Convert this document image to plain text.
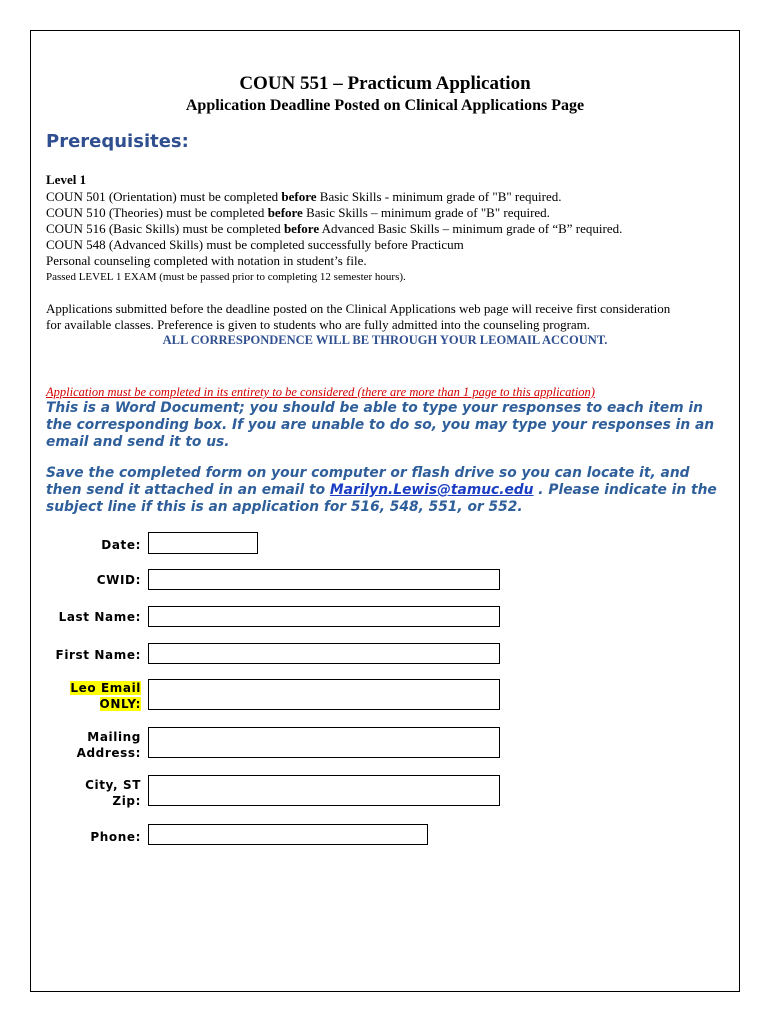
COUN 551 – Practicum Application
Application Deadline Posted on Clinical Applications Page
Prerequisites:
Level 1
COUN 501 (Orientation) must be completed before Basic Skills - minimum grade of "B" required.
COUN 510 (Theories) must be completed before Basic Skills – minimum grade of "B" required.
COUN 516 (Basic Skills) must be completed before Advanced Basic Skills – minimum grade of “B” required.
COUN 548 (Advanced Skills) must be completed successfully before Practicum
Personal counseling completed with notation in student’s file.
Passed LEVEL 1 EXAM (must be passed prior to completing 12 semester hours).
Applications submitted before the deadline posted on the Clinical Applications web page will receive first consideration
for available classes. Preference is given to students who are fully admitted into the counseling program.
ALL CORRESPONDENCE WILL BE THROUGH YOUR LEOMAIL ACCOUNT.
Application must be completed in its entirety to be considered (there are more than 1 page to this application)
This is a Word Document; you should be able to type your responses to each item in
the corresponding box. If you are unable to do so, you may type your responses in an
email and send it to us.
Save the completed form on your computer or flash drive so you can locate it, and
then send it attached in an email to Marilyn.Lewis@tamuc.edu . Please indicate in the
subject line if this is an application for 516, 548, 551, or 552.
Date:
CWID:
Last Name:
First Name:
Leo Email
ONLY:
Mailing
Address:
City, ST
Zip:
Phone:
